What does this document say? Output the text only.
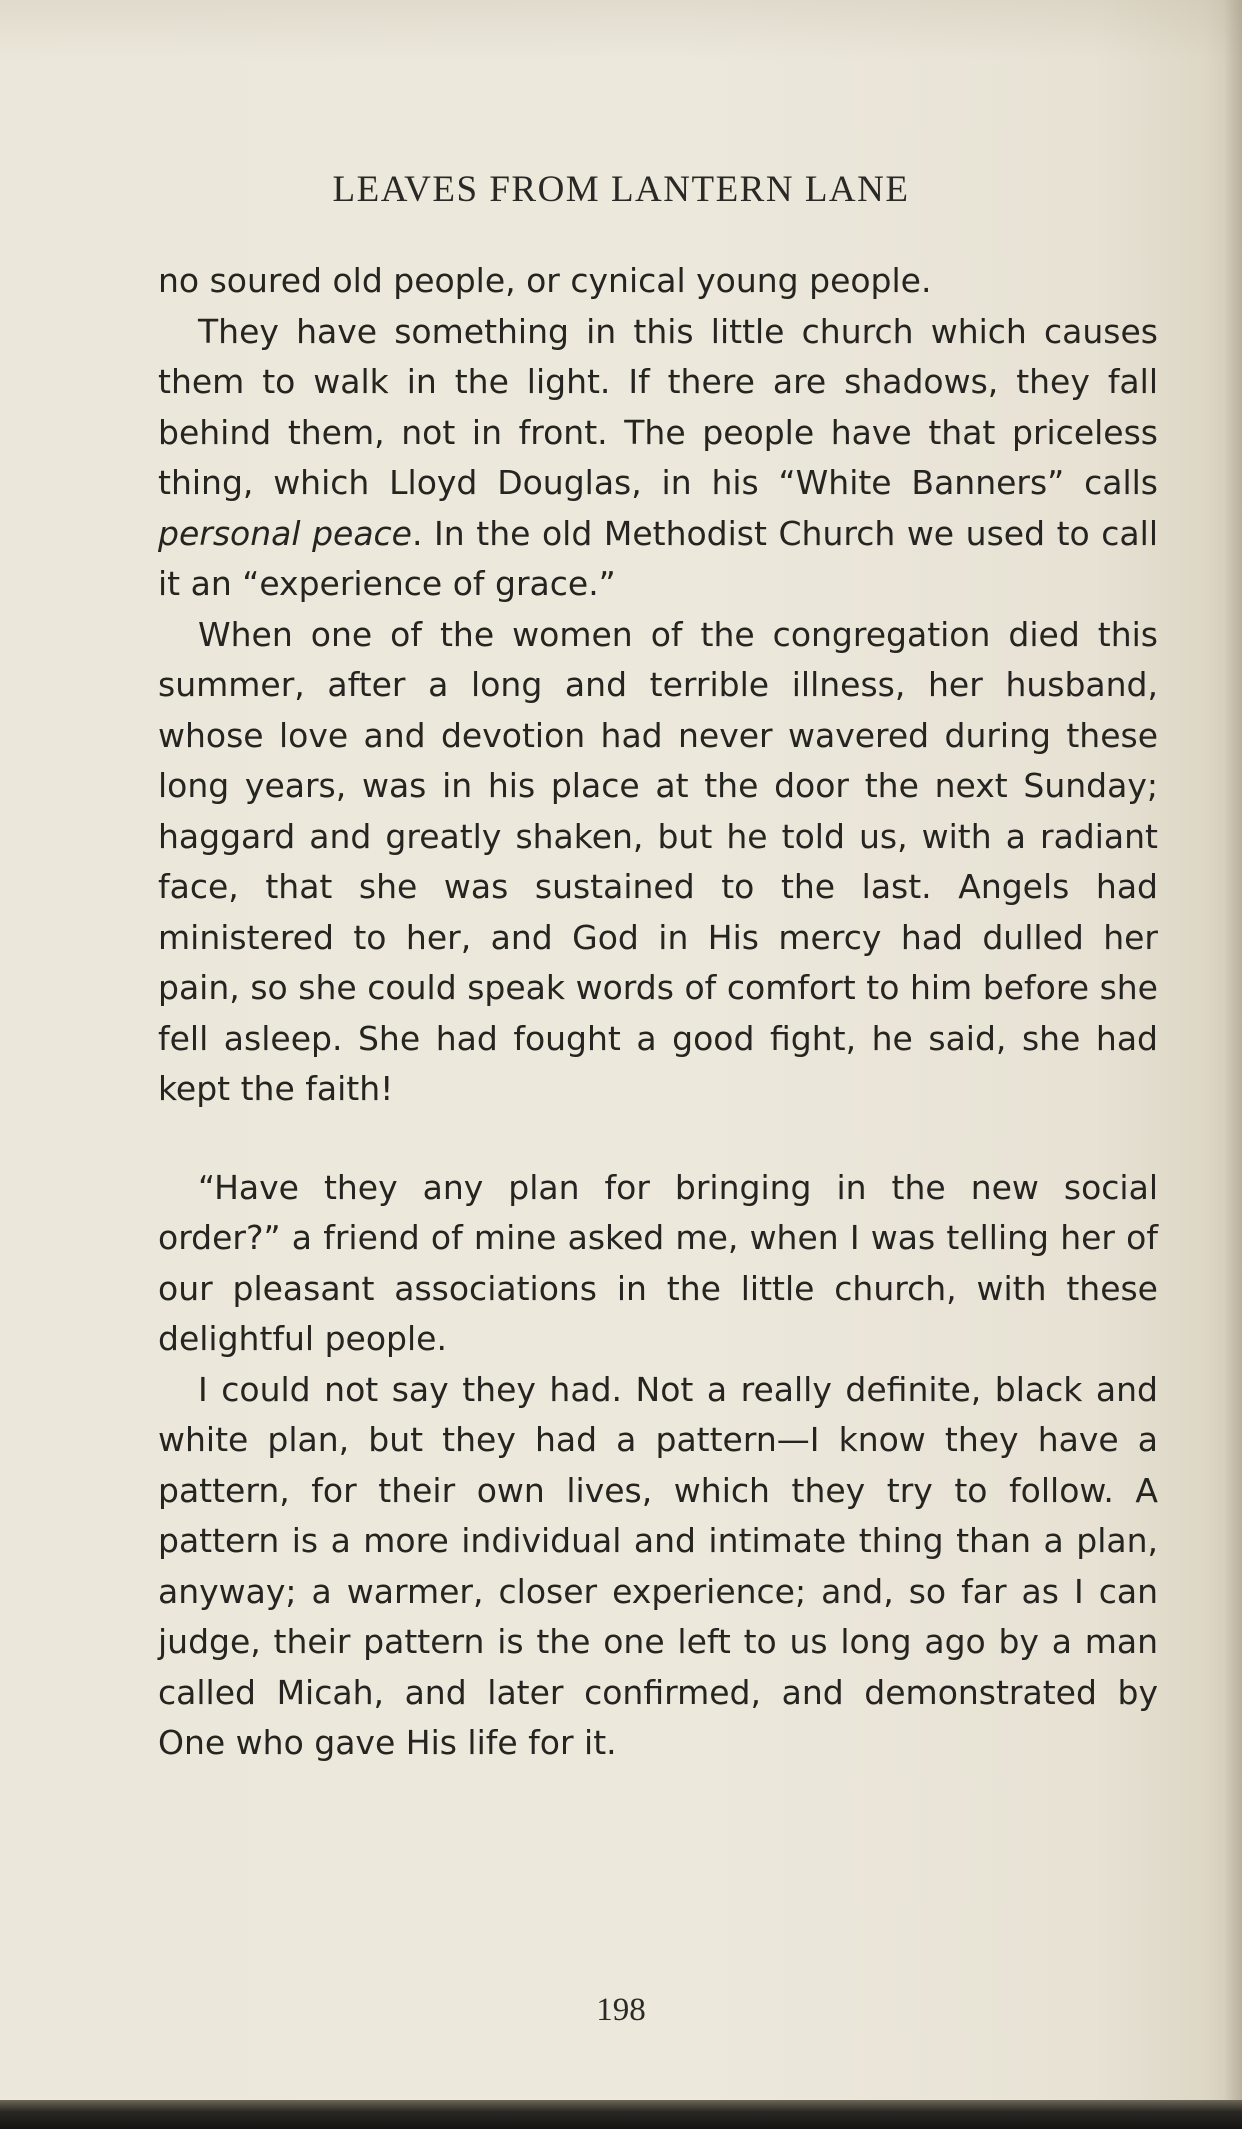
LEAVES FROM LANTERN LANE

no soured old people, or cynical young people.

They have something in this little church which causes them to walk in the light. If there are shadows, they fall behind them, not in front. The people have that priceless thing, which Lloyd Douglas, in his “White Banners” calls personal peace. In the old Methodist Church we used to call it an “experience of grace.”

When one of the women of the congregation died this summer, after a long and terrible illness, her husband, whose love and devotion had never wavered during these long years, was in his place at the door the next Sunday; haggard and greatly shaken, but he told us, with a radiant face, that she was sustained to the last. Angels had ministered to her, and God in His mercy had dulled her pain, so she could speak words of comfort to him before she fell asleep. She had fought a good fight, he said, she had kept the faith!

“Have they any plan for bringing in the new social order?” a friend of mine asked me, when I was telling her of our pleasant associations in the little church, with these delightful people.

I could not say they had. Not a really definite, black and white plan, but they had a pattern—I know they have a pattern, for their own lives, which they try to follow. A pattern is a more individual and intimate thing than a plan, anyway; a warmer, closer experience; and, so far as I can judge, their pattern is the one left to us long ago by a man called Micah, and later confirmed, and demonstrated by One who gave His life for it.

198
